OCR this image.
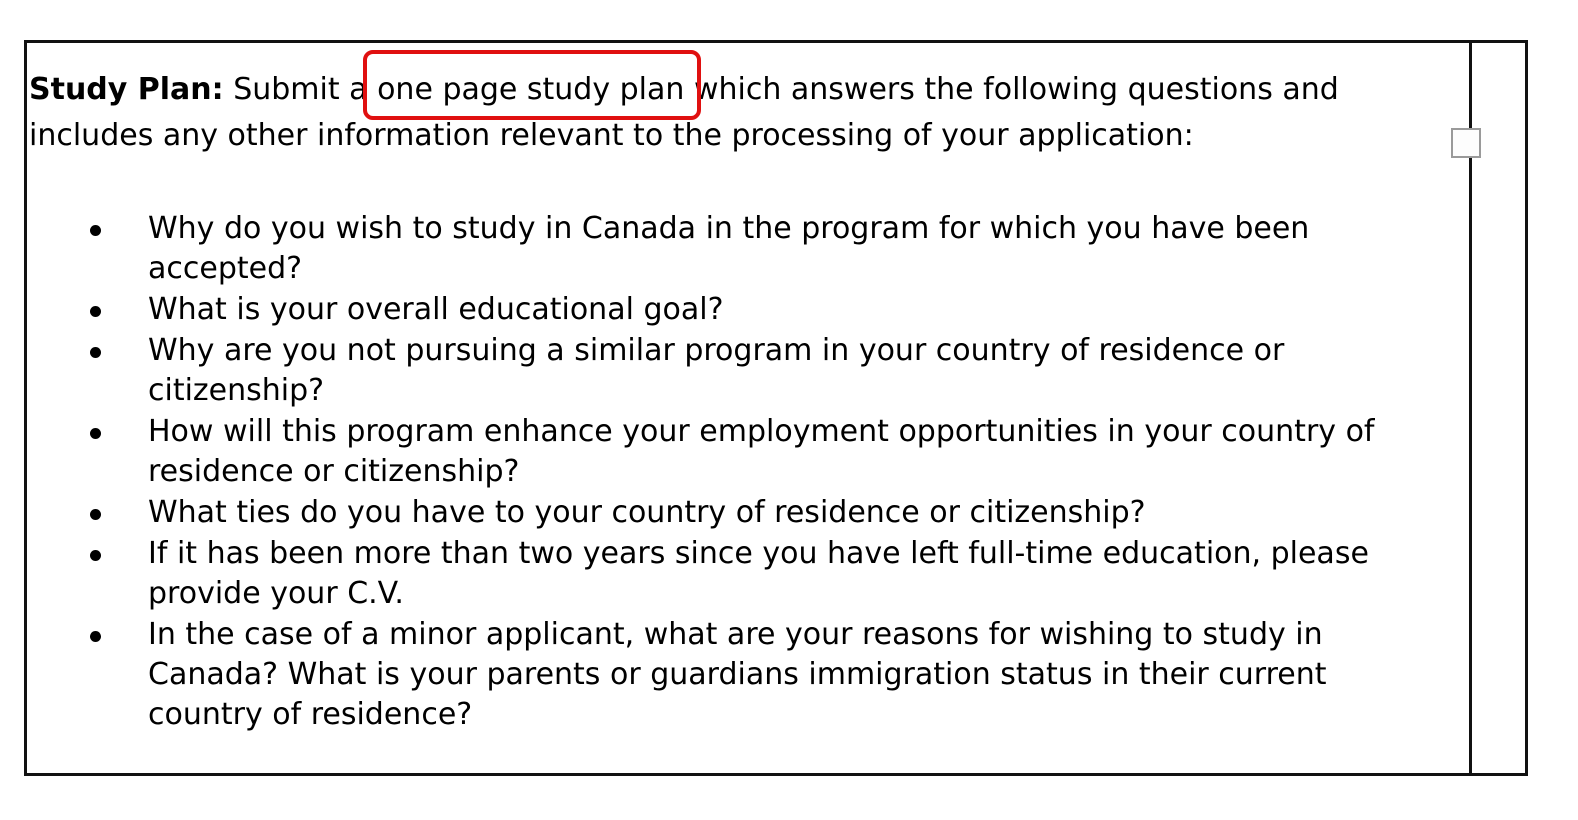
Study Plan: Submit a
one page study plan which answers the following questions and includes any other information relevant to the processing of your application:
Why do you wish to study in Canada in the program for which you have been accepted?
What is your overall educational goal?
Why are you not pursuing a similar program in your country of residence or citizenship?
How will this program enhance your employment opportunities in your country of residence or citizenship?
What ties do you have to your country of residence or citizenship?
If it has been more than two years since you have left full-time education, please provide your C.V.
In the case of a minor applicant, what are your reasons for wishing to study in Canada? What is your parents or guardians immigration status in their current country of residence?
